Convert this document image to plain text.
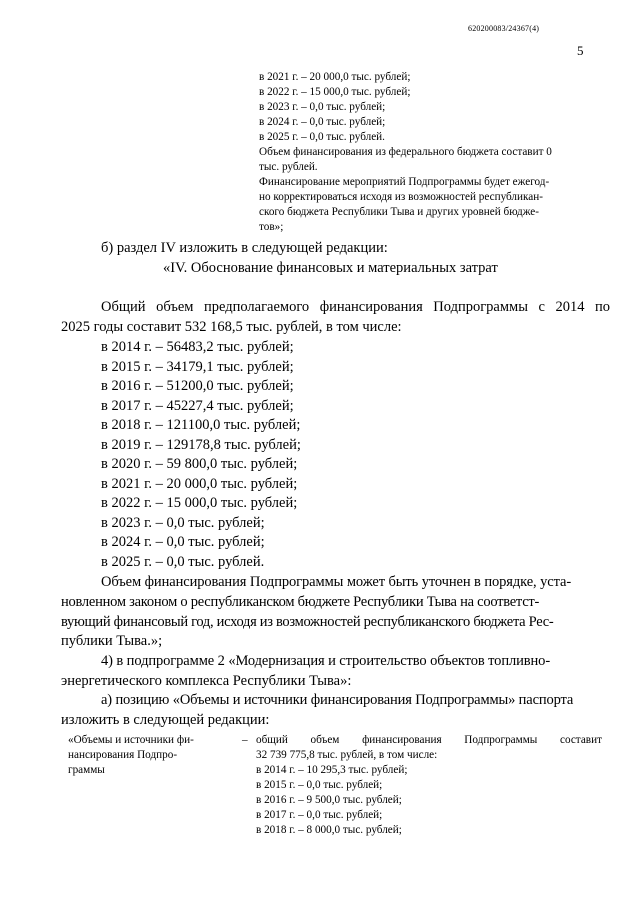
620200083/24367(4)
5
в 2021 г. – 20 000,0 тыс. рублей;
в 2022 г. – 15 000,0 тыс. рублей;
в 2023 г. – 0,0 тыс. рублей;
в 2024 г. – 0,0 тыс. рублей;
в 2025 г. – 0,0 тыс. рублей.
Объем финансирования из федерального бюджета составит 0
тыс. рублей.
Финансирование мероприятий Подпрограммы будет ежегод-
но корректироваться исходя из возможностей республикан-
ского бюджета Республики Тыва и других уровней бюдже-
тов»;
б) раздел IV изложить в следующей редакции:
«IV. Обоснование финансовых и материальных затрат
Общий объем предполагаемого финансирования Подпрограммы с 2014 по
2025 годы составит 532 168,5 тыс. рублей, в том числе:
в 2014 г. – 56483,2 тыс. рублей;
в 2015 г. – 34179,1 тыс. рублей;
в 2016 г. – 51200,0 тыс. рублей;
в 2017 г. – 45227,4 тыс. рублей;
в 2018 г. – 121100,0 тыс. рублей;
в 2019 г. – 129178,8 тыс. рублей;
в 2020 г. – 59 800,0 тыс. рублей;
в 2021 г. – 20 000,0 тыс. рублей;
в 2022 г. – 15 000,0 тыс. рублей;
в 2023 г. – 0,0 тыс. рублей;
в 2024 г. – 0,0 тыс. рублей;
в 2025 г. – 0,0 тыс. рублей.
Объем финансирования Подпрограммы может быть уточнен в порядке, уста-
новленном законом о республиканском бюджете Республики Тыва на соответст-
вующий финансовый год, исходя из возможностей республиканского бюджета Рес-
публики Тыва.»;
4) в подпрограмме 2 «Модернизация и строительство объектов топливно-
энергетического комплекса Республики Тыва»:
а) позицию «Объемы и источники финансирования Подпрограммы» паспорта
изложить в следующей редакции:
«Объемы и источники фи-
нансирования Подпро-
граммы
– общий объем финансирования Подпрограммы составит
32 739 775,8 тыс. рублей, в том числе:
в 2014 г. – 10 295,3 тыс. рублей;
в 2015 г. – 0,0 тыс. рублей;
в 2016 г. – 9 500,0 тыс. рублей;
в 2017 г. – 0,0 тыс. рублей;
в 2018 г. – 8 000,0 тыс. рублей;
